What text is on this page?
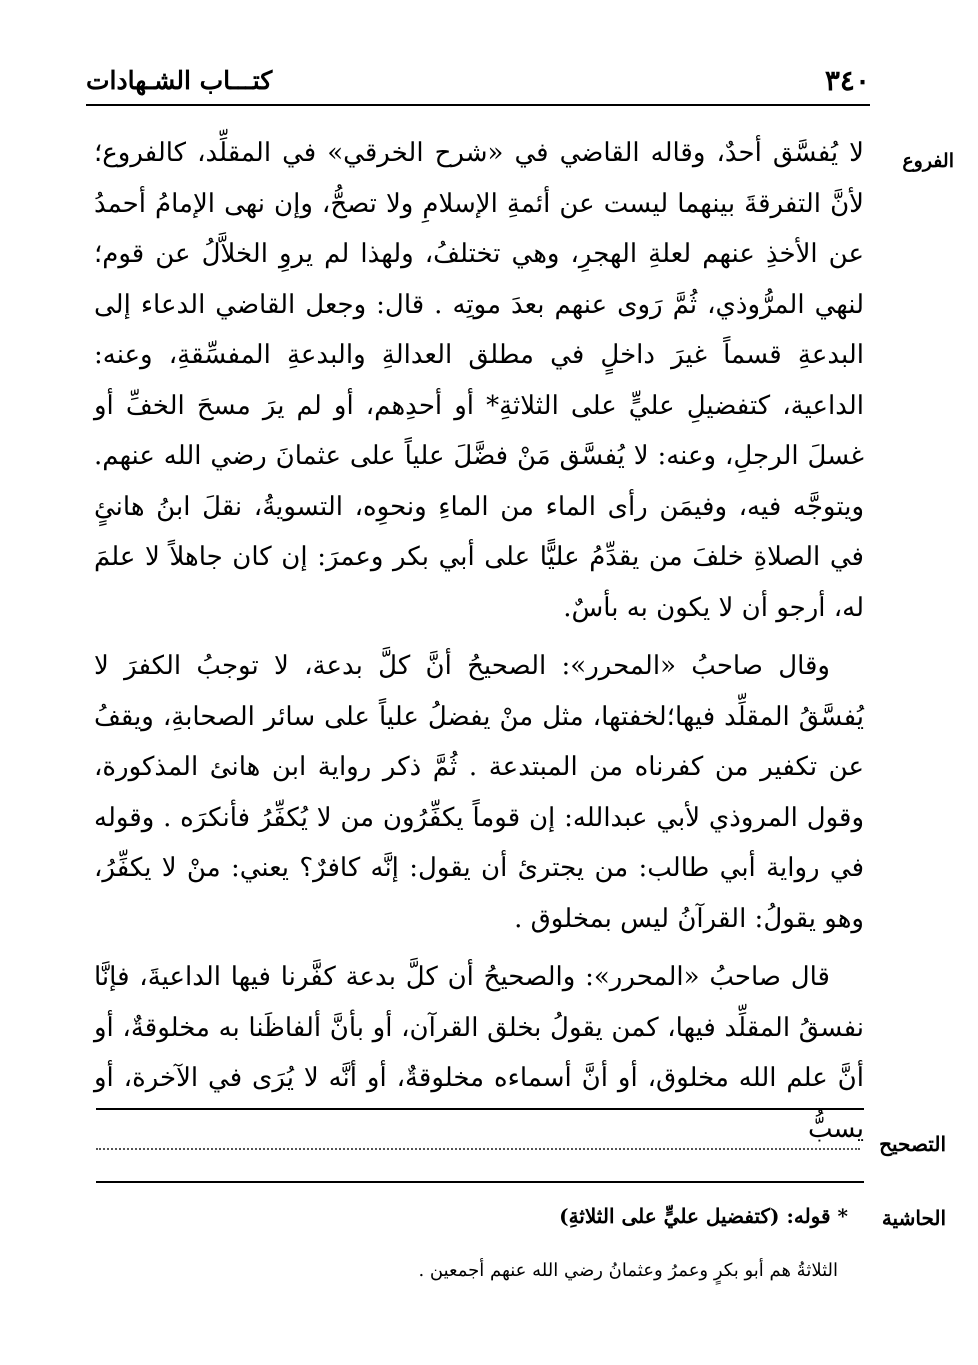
٣٤٠
كتـــاب الشـهادات
الفروع

لا يُفسَّق أحدٌ، وقاله القاضي في «شرح الخرقي» في المقلِّد، كالفروع؛ لأنَّ التفرقةَ بينهما ليست عن أئمةِ الإسلامِ ولا تصحُّ، وإن نهى الإمامُ أحمدُ عن الأخذِ عنهم لعلةِ الهجرِ، وهي تختلفُ، ولهذا لم يروِ الخلاَّلُ عن قوم؛ لنهي المرُّوذي، ثُمَّ رَوى عنهم بعدَ موتِه . قال: وجعل القاضي الدعاء إلى البدعةِ قسماً غيرَ داخلٍ في مطلق العدالةِ والبدعةِ المفسِّقةِ، وعنه: الداعية، كتفضيلِ عليٍّ على الثلاثةِ* أو أحدِهم، أو لم يرَ مسحَ الخفِّ أو غسلَ الرجلِ، وعنه: لا يُفسَّق مَنْ فضَّلَ علياً على عثمانَ رضي الله عنهم. ويتوجَّه فيه، وفيمَن رأى الماء من الماءِ ونحوِه، التسويةُ، نقلَ ابنُ هانئٍ في الصلاةِ خلفَ من يقدِّمُ عليًّا على أبي بكر وعمرَ: إن كان جاهلاً لا علمَ له، أرجو أن لا يكون به بأسٌ.

وقال صاحبُ «المحرر»: الصحيحُ أنَّ كلَّ بدعة، لا توجبُ الكفرَ لا يُفسَّقُ المقلِّد فيها؛لخفتها، مثل منْ يفضلُ علياً على سائر الصحابةِ، ويقفُ عن تكفير من كفرناه من المبتدعة . ثُمَّ ذكر رواية ابن هانئ المذكورة، وقول المروذي لأبي عبدالله: إن قوماً يكفِّرُون من لا يُكفِّرُ فأنكرَه . وقوله في رواية أبي طالب: من يجترئ أن يقول: إنَّه كافرٌ؟ يعني: منْ لا يكفِّرُ، وهو يقولُ: القرآنُ ليس بمخلوق .

قال صاحبُ «المحرر»: والصحيحُ أن كلَّ بدعة كفَّرنا فيها الداعيةَ، فإنَّا نفسقُ المقلِّد فيها، كمن يقولُ بخلق القرآن، أو بأنَّ ألفاظَنا به مخلوقةٌ، أو أنَّ علم الله مخلوق، أو أنَّ أسماءه مخلوقةٌ، أو أنَّه لا يُرَى في الآخرة، أو يسبُّ

التصحيح
الحاشية
* قوله: (كتفضيل عليٍّ على الثلاثةِ)
الثلاثةُ هم أبو بكرٍ وعمرُ وعثمانُ رضي الله عنهم أجمعين .
